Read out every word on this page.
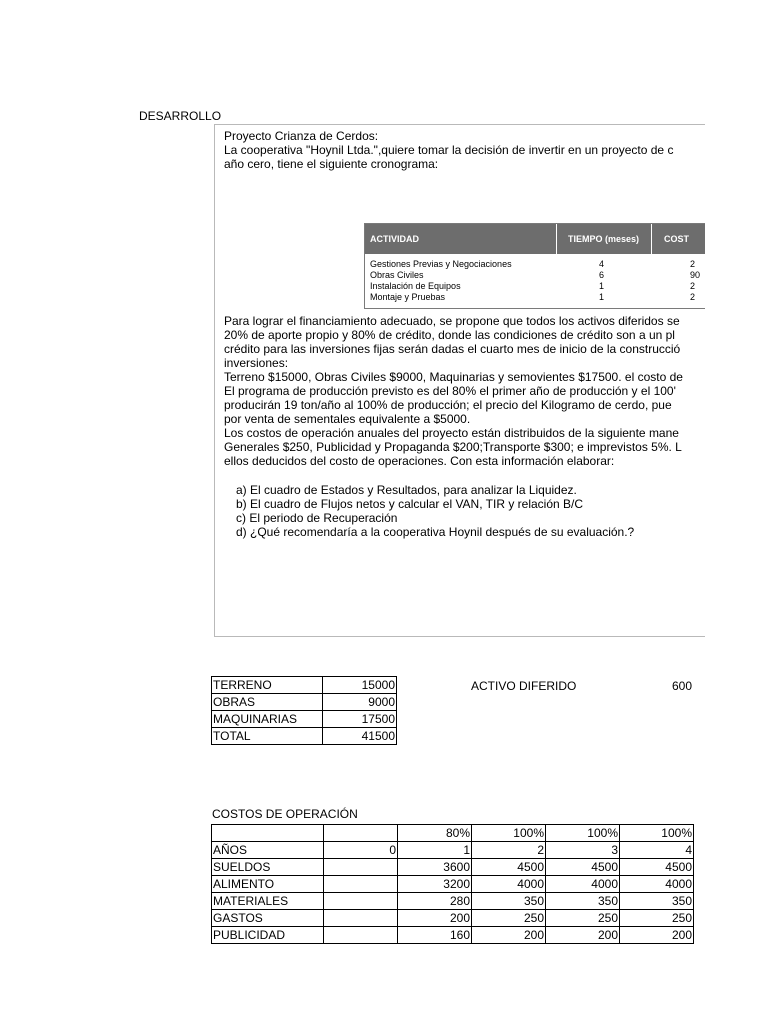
DESARROLLO
Proyecto Crianza de Cerdos:
La cooperativa "Hoynil Ltda.",quiere tomar la decisión de invertir en un proyecto de c
año cero, tiene el siguiente cronograma:
ACTIVIDAD	TIEMPO (meses)	COST
Gestiones Previas y Negociaciones	4	2
Obras Civiles	6	90
Instalación de Equipos	1	2
Montaje y Pruebas	1	2
Para lograr el financiamiento adecuado, se propone que todos los activos diferidos se
20% de aporte propio y 80% de crédito, donde las condiciones de crédito son a un pl
crédito para las inversiones fijas serán dadas el cuarto mes de inicio de la construcció
inversiones:
Terreno $15000, Obras Civiles $9000, Maquinarias y semovientes $17500. el costo de
El programa de producción previsto es del 80% el primer año de producción y el 100'
producirán 19 ton/año al 100% de producción; el precio del Kilogramo de cerdo, pue
por venta de sementales equivalente a $5000.
Los costos de operación anuales del proyecto están distribuidos de la siguiente mane
Generales $250, Publicidad y Propaganda $200;Transporte $300; e imprevistos 5%. L
ellos deducidos del costo de operaciones. Con esta información elaborar:
a) El cuadro de Estados y Resultados, para analizar la Liquidez.
b) El cuadro de Flujos netos y calcular el VAN, TIR y relación B/C
c) El periodo de Recuperación
d) ¿Qué recomendaría a la cooperativa Hoynil después de su evaluación.?
TERRENO	15000
OBRAS	9000
MAQUINARIAS	17500
TOTAL	41500
ACTIVO DIFERIDO	600
COSTOS DE OPERACIÓN
		80%	100%	100%	100%
AÑOS	0	1	2	3	4
SUELDOS		3600	4500	4500	4500
ALIMENTO		3200	4000	4000	4000
MATERIALES		280	350	350	350
GASTOS		200	250	250	250
PUBLICIDAD		160	200	200	200
